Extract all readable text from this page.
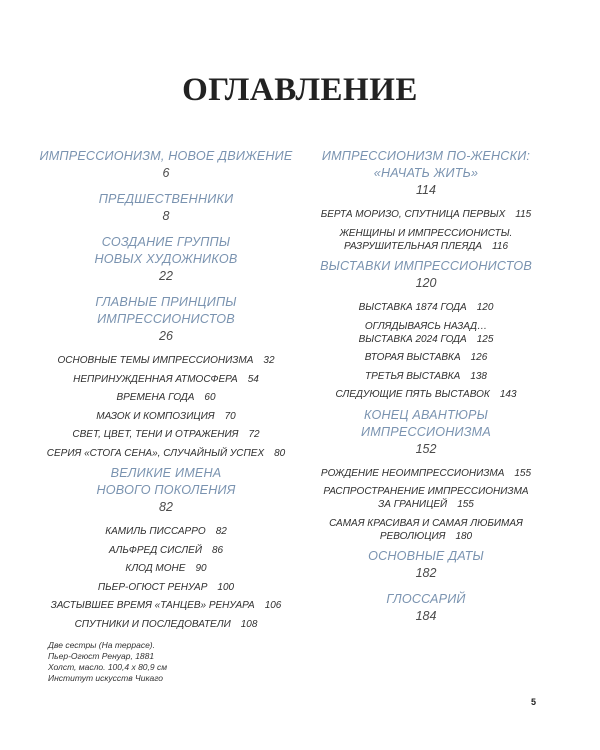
ОГЛАВЛЕНИЕ
ИМПРЕССИОНИЗМ, НОВОЕ ДВИЖЕНИЕ
6
ПРЕДШЕСТВЕННИКИ
8
СОЗДАНИЕ ГРУППЫ
НОВЫХ ХУДОЖНИКОВ
22
ГЛАВНЫЕ ПРИНЦИПЫ
ИМПРЕССИОНИСТОВ
26
ОСНОВНЫЕ ТЕМЫ ИМПРЕССИОНИЗМА 32
НЕПРИНУЖДЕННАЯ АТМОСФЕРА 54
ВРЕМЕНА ГОДА 60
МАЗОК И КОМПОЗИЦИЯ 70
СВЕТ, ЦВЕТ, ТЕНИ И ОТРАЖЕНИЯ 72
СЕРИЯ «СТОГА СЕНА», СЛУЧАЙНЫЙ УСПЕХ 80
ВЕЛИКИЕ ИМЕНА
НОВОГО ПОКОЛЕНИЯ
82
КАМИЛЬ ПИССАРРО 82
АЛЬФРЕД СИСЛЕЙ 86
КЛОД МОНЕ 90
ПЬЕР-ОГЮСТ РЕНУАР 100
ЗАСТЫВШЕЕ ВРЕМЯ «ТАНЦЕВ» РЕНУАРА 106
СПУТНИКИ И ПОСЛЕДОВАТЕЛИ 108
ИМПРЕССИОНИЗМ ПО-ЖЕНСКИ:
«НАЧАТЬ ЖИТЬ»
114
БЕРТА МОРИЗО, СПУТНИЦА ПЕРВЫХ 115
ЖЕНЩИНЫ И ИМПРЕССИОНИСТЫ.
РАЗРУШИТЕЛЬНАЯ ПЛЕЯДА 116
ВЫСТАВКИ ИМПРЕССИОНИСТОВ
120
ВЫСТАВКА 1874 ГОДА 120
ОГЛЯДЫВАЯСЬ НАЗАД…
ВЫСТАВКА 2024 ГОДА 125
ВТОРАЯ ВЫСТАВКА 126
ТРЕТЬЯ ВЫСТАВКА 138
СЛЕДУЮЩИЕ ПЯТЬ ВЫСТАВОК 143
КОНЕЦ АВАНТЮРЫ
ИМПРЕССИОНИЗМА
152
РОЖДЕНИЕ НЕОИМПРЕССИОНИЗМА 155
РАСПРОСТРАНЕНИЕ ИМПРЕССИОНИЗМА
ЗА ГРАНИЦЕЙ 155
САМАЯ КРАСИВАЯ И САМАЯ ЛЮБИМАЯ
РЕВОЛЮЦИЯ 180
ОСНОВНЫЕ ДАТЫ
182
ГЛОССАРИЙ
184
Две сестры (На террасе).
Пьер-Огюст Ренуар, 1881
Холст, масло. 100,4 x 80,9 см
Институт искусств Чикаго
5
